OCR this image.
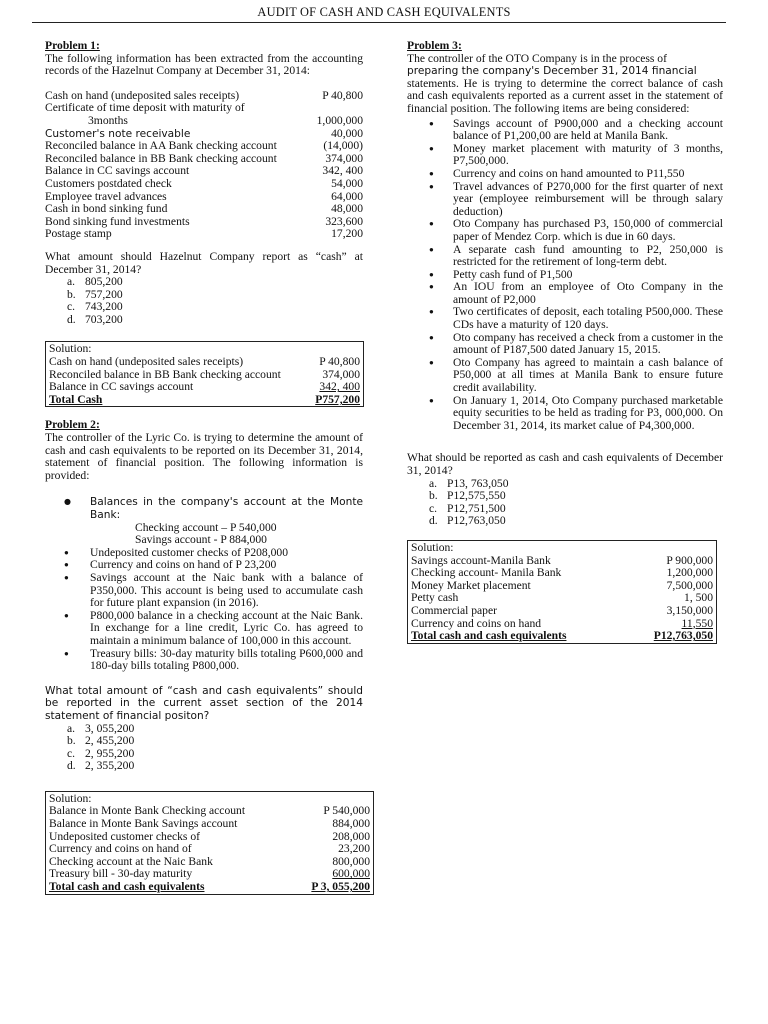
AUDIT OF CASH AND CASH EQUIVALENTS
Problem 1:

The following information has been extracted from the accounting records of the Hazelnut Company at December 31, 2014:

Cash on hand (undeposited sales receipts)	P 40,800
Certificate of time deposit with maturity of
3months	1,000,000
Customer's note receivable	40,000
Reconciled balance in AA Bank checking account	(14,000)
Reconciled balance in BB Bank checking account	374,000
Balance in CC savings account	342, 400
Customers postdated check	54,000
Employee travel advances	64,000
Cash in bond sinking fund	48,000
Bond sinking fund investments	323,600
Postage stamp	17,200

What amount should Hazelnut Company report as “cash” at December 31, 2014?

a. 805,200
b. 757,200
c. 743,200
d. 703,200
Solution:
Cash on hand (undeposited sales receipts)	P 40,800
Reconciled balance in BB Bank checking account	374,000
Balance in CC savings account	342, 400
Total Cash	P757,200
Problem 2:

The controller of the Lyric Co. is trying to determine the amount of cash and cash equivalents to be reported on its December 31, 2014, statement of financial position. The following information is provided:

● Balances in the company's account at the Monte Bank:
Checking account – P 540,000
Savings account - P 884,000
● Undeposited customer checks of P208,000
● Currency and coins on hand of P 23,200
● Savings account at the Naic bank with a balance of P350,000. This account is being used to accumulate cash for future plant expansion (in 2016).
● P800,000 balance in a checking account at the Naic Bank. In exchange for a line credit, Lyric Co. has agreed to maintain a minimum balance of 100,000 in this account.
● Treasury bills: 30-day maturity bills totaling P600,000 and 180-day bills totaling P800,000.

What total amount of “cash and cash equivalents” should be reported in the current asset section of the 2014 statement of financial positon?

a. 3, 055,200
b. 2, 455,200
c. 2, 955,200
d. 2, 355,200
Solution:
Balance in Monte Bank Checking account	P 540,000
Balance in Monte Bank Savings account	884,000
Undeposited customer checks of	208,000
Currency and coins on hand of	23,200
Checking account at the Naic Bank	800,000
Treasury bill - 30-day maturity	600,000
Total cash and cash equivalents	P 3, 055,200
Problem 3:
The controller of the OTO Company is in the process of
preparing the company's December 31, 2014 financial
statements. He is trying to determine the correct balance of cash and cash equivalents reported as a current asset in the statement of financial position. The following items are being considered:
● Savings account of P900,000 and a checking account balance of P1,200,00 are held at Manila Bank.
● Money market placement with maturity of 3 months, P7,500,000.
● Currency and coins on hand amounted to P11,550
● Travel advances of P270,000 for the first quarter of next year (employee reimbursement will be through salary deduction)
● Oto Company has purchased P3, 150,000 of commercial paper of Mendez Corp. which is due in 60 days.
● A separate cash fund amounting to P2, 250,000 is restricted for the retirement of long-term debt.
● Petty cash fund of P1,500
● An IOU from an employee of Oto Company in the amount of P2,000
● Two certificates of deposit, each totaling P500,000. These CDs have a maturity of 120 days.
● Oto company has received a check from a customer in the amount of P187,500 dated January 15, 2015.
● Oto Company has agreed to maintain a cash balance of P50,000 at all times at Manila Bank to ensure future credit availability.
● On January 1, 2014, Oto Company purchased marketable equity securities to be held as trading for P3, 000,000. On December 31, 2014, its market calue of P4,300,000.

What should be reported as cash and cash equivalents of December 31, 2014?

a. P13, 763,050
b. P12,575,550
c. P12,751,500
d. P12,763,050
Solution:
Savings account-Manila Bank	P 900,000
Checking account- Manila Bank	1,200,000
Money Market placement	7,500,000
Petty cash	1, 500
Commercial paper	3,150,000
Currency and coins on hand	11,550
Total cash and cash equivalents	P12,763,050
